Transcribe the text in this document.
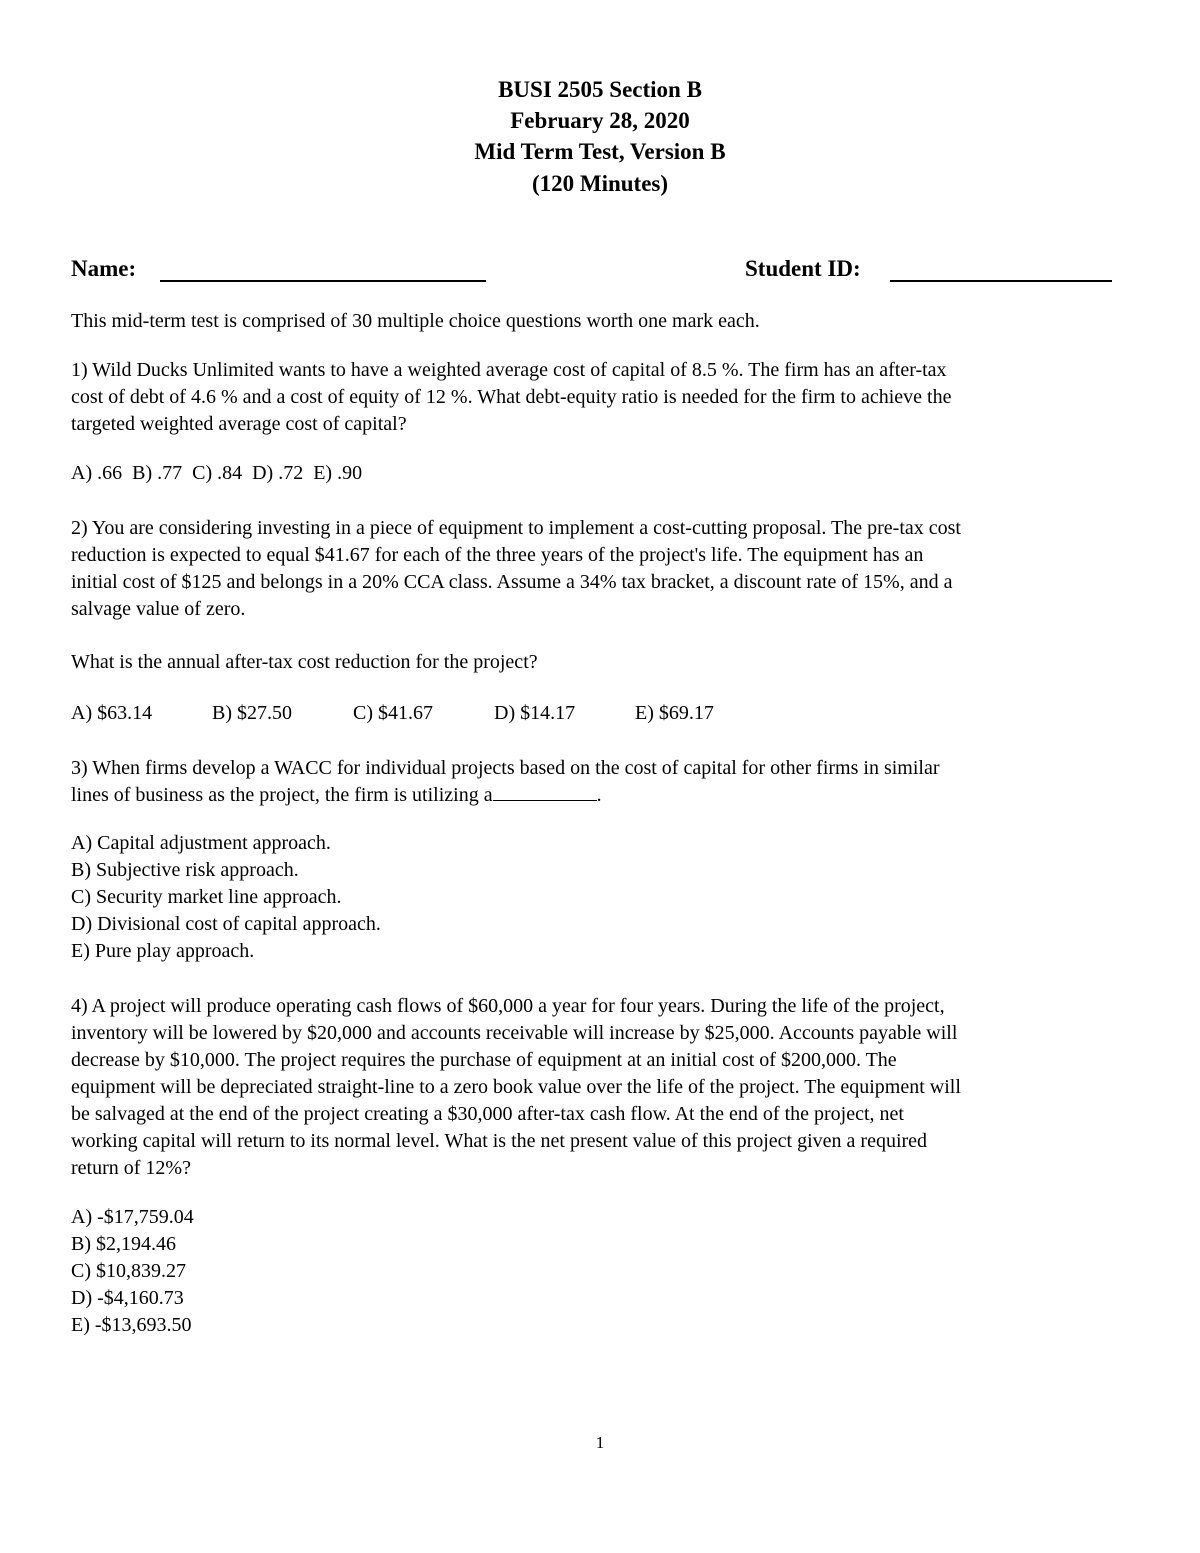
BUSI 2505 Section B
February 28, 2020
Mid Term Test, Version B
(120 Minutes)
Name:	Student ID:
This mid-term test is comprised of 30 multiple choice questions worth one mark each.
1) Wild Ducks Unlimited wants to have a weighted average cost of capital of 8.5 %. The firm has an after-tax
cost of debt of 4.6 % and a cost of equity of 12 %. What debt-equity ratio is needed for the firm to achieve the
targeted weighted average cost of capital?
A) .66  B) .77  C) .84  D) .72  E) .90
2) You are considering investing in a piece of equipment to implement a cost-cutting proposal. The pre-tax cost
reduction is expected to equal $41.67 for each of the three years of the project's life. The equipment has an
initial cost of $125 and belongs in a 20% CCA class. Assume a 34% tax bracket, a discount rate of 15%, and a
salvage value of zero.
What is the annual after-tax cost reduction for the project?
A) $63.14	B) $27.50	C) $41.67	D) $14.17	E) $69.17
3) When firms develop a WACC for individual projects based on the cost of capital for other firms in similar
lines of business as the project, the firm is utilizing a	.
A) Capital adjustment approach.
B) Subjective risk approach.
C) Security market line approach.
D) Divisional cost of capital approach.
E) Pure play approach.
4) A project will produce operating cash flows of $60,000 a year for four years. During the life of the project,
inventory will be lowered by $20,000 and accounts receivable will increase by $25,000. Accounts payable will
decrease by $10,000. The project requires the purchase of equipment at an initial cost of $200,000. The
equipment will be depreciated straight-line to a zero book value over the life of the project. The equipment will
be salvaged at the end of the project creating a $30,000 after-tax cash flow. At the end of the project, net
working capital will return to its normal level. What is the net present value of this project given a required
return of 12%?
A) -$17,759.04
B) $2,194.46
C) $10,839.27
D) -$4,160.73
E) -$13,693.50
1
